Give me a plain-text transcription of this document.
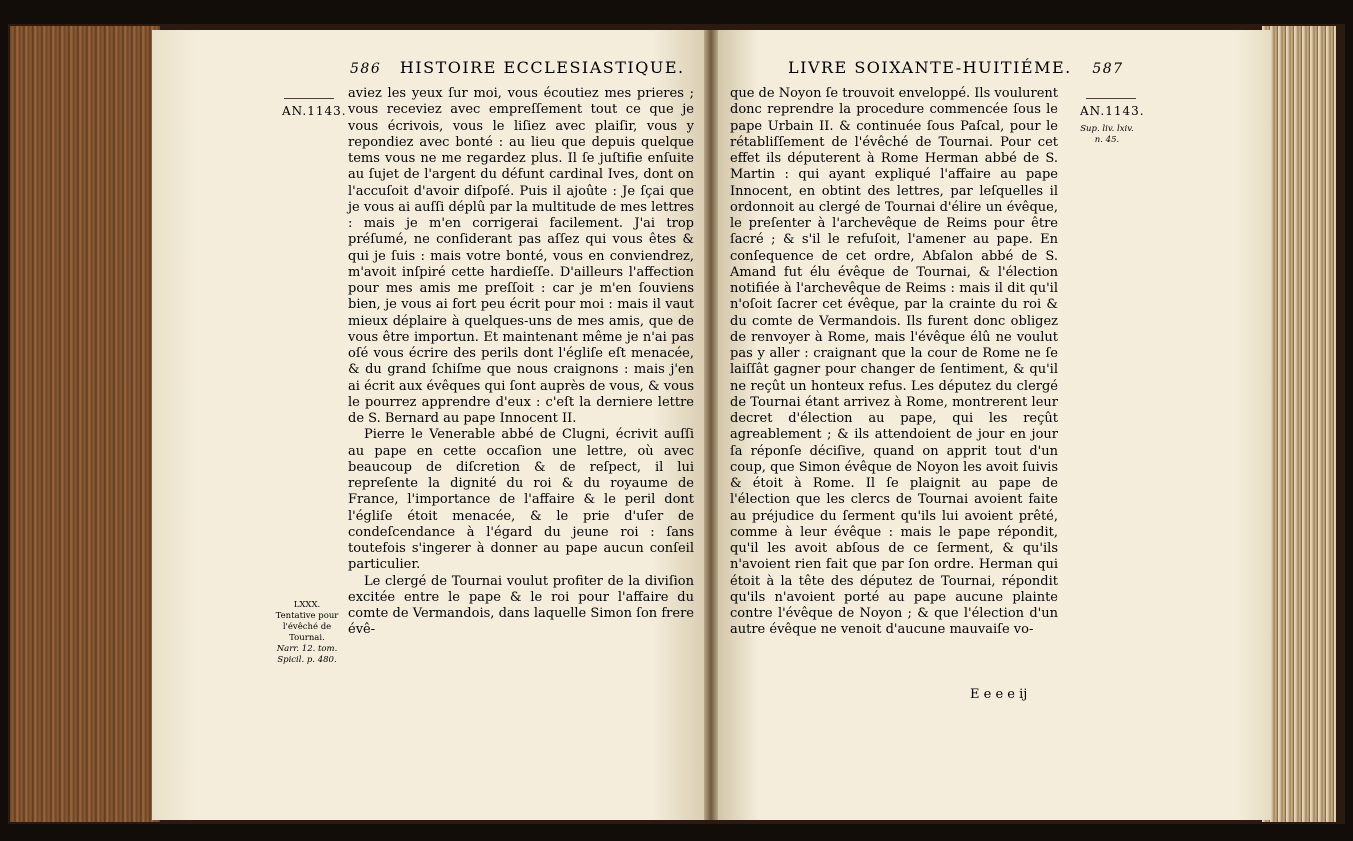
AN.1143.
586 HISTOIRE ECCLESIASTIQUE.

aviez les yeux ſur moi, vous écoutiez mes prieres ; vous receviez avec empreſſement tout ce que je vous écrivois, vous le liſiez avec plaiſir, vous y repondiez avec bonté : au lieu que depuis quelque tems vous ne me regardez plus. Il ſe juſtifie enſuite au ſujet de l'argent du défunt cardinal Ives, dont on l'accuſoit d'avoir diſpoſé. Puis il ajoûte : Je ſçai que je vous ai auſſi déplû par la multitude de mes lettres : mais je m'en corrigerai facilement. J'ai trop préſumé, ne conſiderant pas aſſez qui vous êtes & qui je ſuis : mais votre bonté, vous en conviendrez, m'avoit inſpiré cette hardieſſe. D'ailleurs l'affection pour mes amis me preſſoit : car je m'en ſouviens bien, je vous ai fort peu écrit pour moi : mais il vaut mieux déplaire à quelques-uns de mes amis, que de vous être importun. Et maintenant même je n'ai pas oſé vous écrire des perils dont l'égliſe eſt menacée, & du grand ſchiſme que nous craignons : mais j'en ai écrit aux évêques qui ſont auprès de vous, & vous le pourrez apprendre d'eux : c'eſt la derniere lettre de S. Bernard au pape Innocent II.

Pierre le Venerable abbé de Clugni, écrivit auſſi au pape en cette occaſion une lettre, où avec beaucoup de diſcretion & de reſpect, il lui repreſente la dignité du roi & du royaume de France, l'importance de l'affaire & le peril dont l'égliſe étoit menacée, & le prie d'uſer de condeſcendance à l'égard du jeune roi : ſans toutefois s'ingerer à donner au pape aucun conſeil particulier.

Le clergé de Tournai voulut profiter de la diviſion excitée entre le pape & le roi pour l'affaire du comte de Vermandois, dans laquelle Simon ſon frere évê-

LXXX.
Tentative pour
l'évêché de
Tournai.
Narr. 12. tom.
Spicil. p. 480.
LIVRE SOIXANTE-HUITIÉME. 587
AN.1143.
Sup. liv. lxiv.
n. 45.

que de Noyon ſe trouvoit enveloppé. Ils voulurent donc reprendre la procedure commencée ſous le pape Urbain II. & continuée ſous Paſcal, pour le rétabliſſement de l'évêché de Tournai. Pour cet effet ils députerent à Rome Herman abbé de S. Martin : qui ayant expliqué l'affaire au pape Innocent, en obtint des lettres, par leſquelles il ordonnoit au clergé de Tournai d'élire un évêque, le preſenter à l'archevêque de Reims pour être ſacré ; & s'il le refuſoit, l'amener au pape. En conſequence de cet ordre, Abſalon abbé de S. Amand fut élu évêque de Tournai, & l'élection notifiée à l'archevêque de Reims : mais il dit qu'il n'oſoit ſacrer cet évêque, par la crainte du roi & du comte de Vermandois. Ils furent donc obligez de renvoyer à Rome, mais l'évêque élû ne voulut pas y aller : craignant que la cour de Rome ne ſe laiſſât gagner pour changer de ſentiment, & qu'il ne reçût un honteux refus. Les députez du clergé de Tournai étant arrivez à Rome, montrerent leur decret d'élection au pape, qui les reçût agreablement ; & ils attendoient de jour en jour ſa réponſe déciſive, quand on apprit tout d'un coup, que Simon évêque de Noyon les avoit ſuivis & étoit à Rome. Il ſe plaignit au pape de l'élection que les clercs de Tournai avoient faite au préjudice du ſerment qu'ils lui avoient prêté, comme à leur évêque : mais le pape répondit, qu'il les avoit abſous de ce ſerment, & qu'ils n'avoient rien fait que par ſon ordre. Herman qui étoit à la tête des députez de Tournai, répondit qu'ils n'avoient porté au pape aucune plainte contre l'évêque de Noyon ; & que l'élection d'un autre évêque ne venoit d'aucune mauvaiſe vo-

E e e e ij
